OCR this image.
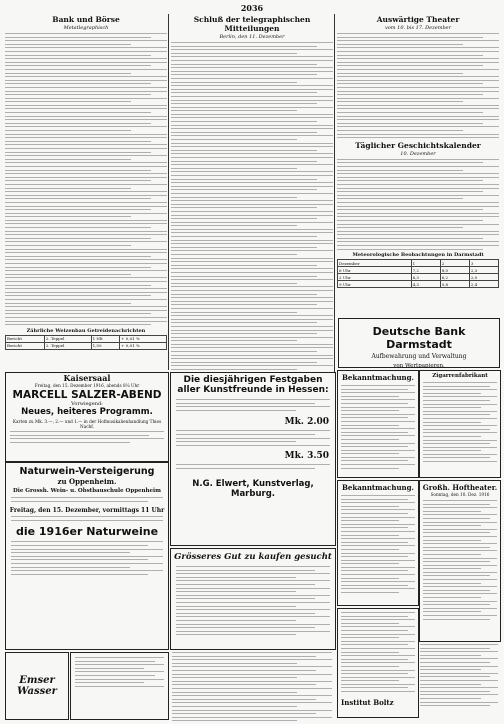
2036
Bank und Börse
Metatlegraphisch
Zährliche Weizenbau Getreidenachrichten
Bericht	2. Teppel	1 Nlt	+ 0,01 %
Bericht	2. Teppel	1,50	+ 0,01 %
Schluß der telegraphischen Mitteilungen
Berlin, den 11. Dezember
Auswärtige Theater
vom 10. bis 17. Dezember
Täglicher Geschichtskalender
10. Dezember
Meteorologische Beobachtungen in Darmstadt
Dezember	1	2	3
6 Uhr	7,2	8,0	2,3
2 Uhr	6,3	6,2	2,0
9 Uhr	4,3	5,8	2,4
Deutsche Bank Darmstadt
Aufbewahrung und Verwaltung
von Wertpapieren.
Kaisersaal
Freitag, den 15. Dezember 1916, abends 8¼ Uhr
MARCELL SALZER-ABEND
Vorwiegend:
Neues, heiteres Programm.
Karten zu Mk. 3.—, 2.— und 1.— in der Hofmusikalienhandlung Thies Nachf.
Naturwein-Versteigerung
zu Oppenheim.
Die Grossh. Wein- u. Obstbauschule Oppenheim
Freitag, den 15. Dezember, vormittags 11 Uhr
die 1916er Naturweine
Emser Wasser
Die diesjährigen Festgaben
aller Kunstfreunde in Hessen:
Mk. 2.00
Mk. 3.50
N.G. Elwert, Kunstverlag, Marburg.
Grösseres Gut zu kaufen gesucht
Bekanntmachung.	Zigarrenfabrikant
Bekanntmachung.	Großh. Hoftheater.
Sonntag, den 10. Dez. 1916
Institut Boltz
